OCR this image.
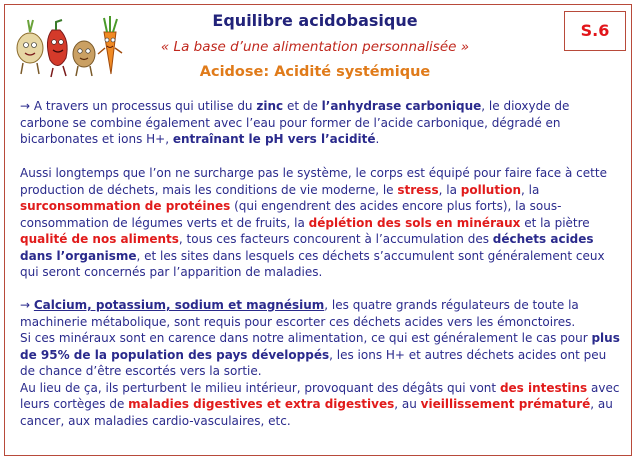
Equilibre acidobasique
« La base d’une alimentation personnalisée »
Acidose: Acidité systémique
S.6

→ A travers un processus qui utilise du zinc et de l’anhydrase carbonique, le dioxyde de carbone se combine également avec l’eau pour former de l’acide carbonique, dégradé en bicarbonates et ions H+, entraînant le pH vers l’acidité.

Aussi longtemps que l’on ne surcharge pas le système, le corps est équipé pour faire face à cette production de déchets, mais les conditions de vie moderne, le stress, la pollution, la surconsommation de protéines (qui engendrent des acides encore plus forts), la sous-consommation de légumes verts et de fruits, la déplétion des sols en minéraux et la piètre qualité de nos aliments, tous ces facteurs concourent à l’accumulation des déchets acides dans l’organisme, et les sites dans lesquels ces déchets s’accumulent sont généralement ceux qui seront concernés par l’apparition de maladies.

→ Calcium, potassium, sodium et magnésium, les quatre grands régulateurs de toute la machinerie métabolique, sont requis pour escorter ces déchets acides vers les émonctoires.

Si ces minéraux sont en carence dans notre alimentation, ce qui est généralement le cas pour plus de 95% de la population des pays développés, les ions H+ et autres déchets acides ont peu de chance d’être escortés vers la sortie.

Au lieu de ça, ils perturbent le milieu intérieur, provoquant des dégâts qui vont des intestins avec leurs cortèges de maladies digestives et extra digestives, au vieillissement prématuré, au cancer, aux maladies cardio-vasculaires, etc.
